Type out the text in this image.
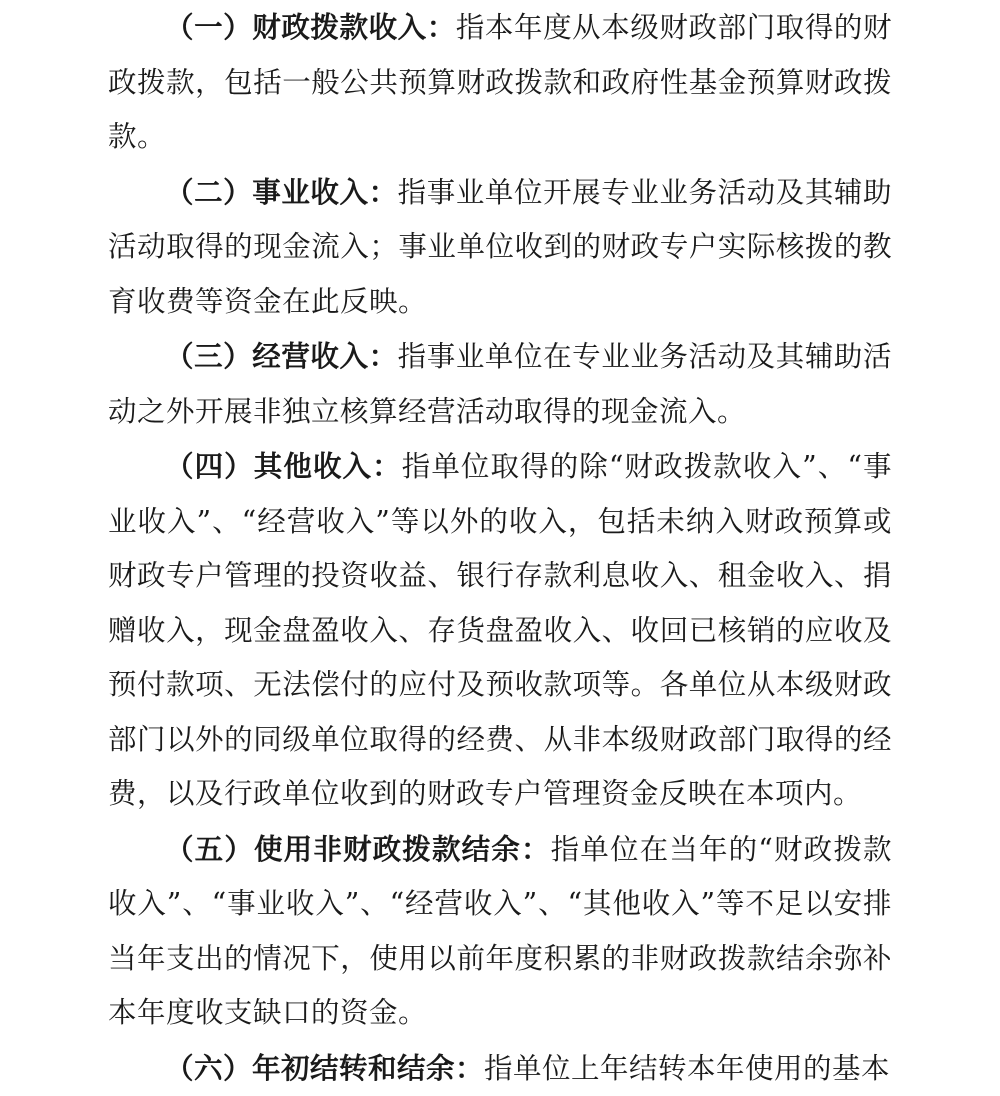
（一）财政拨款收入：指本年度从本级财政部门取得的财政拨款，包括一般公共预算财政拨款和政府性基金预算财政拨款。

（二）事业收入：指事业单位开展专业业务活动及其辅助活动取得的现金流入；事业单位收到的财政专户实际核拨的教育收费等资金在此反映。

（三）经营收入：指事业单位在专业业务活动及其辅助活动之外开展非独立核算经营活动取得的现金流入。

（四）其他收入：指单位取得的除“财政拨款收入”、“事业收入”、“经营收入”等以外的收入，包括未纳入财政预算或财政专户管理的投资收益、银行存款利息收入、租金收入、捐赠收入，现金盘盈收入、存货盘盈收入、收回已核销的应收及预付款项、无法偿付的应付及预收款项等。各单位从本级财政部门以外的同级单位取得的经费、从非本级财政部门取得的经费，以及行政单位收到的财政专户管理资金反映在本项内。

（五）使用非财政拨款结余：指单位在当年的“财政拨款收入”、“事业收入”、“经营收入”、“其他收入”等不足以安排当年支出的情况下，使用以前年度积累的非财政拨款结余弥补本年度收支缺口的资金。

（六）年初结转和结余：指单位上年结转本年使用的基本
